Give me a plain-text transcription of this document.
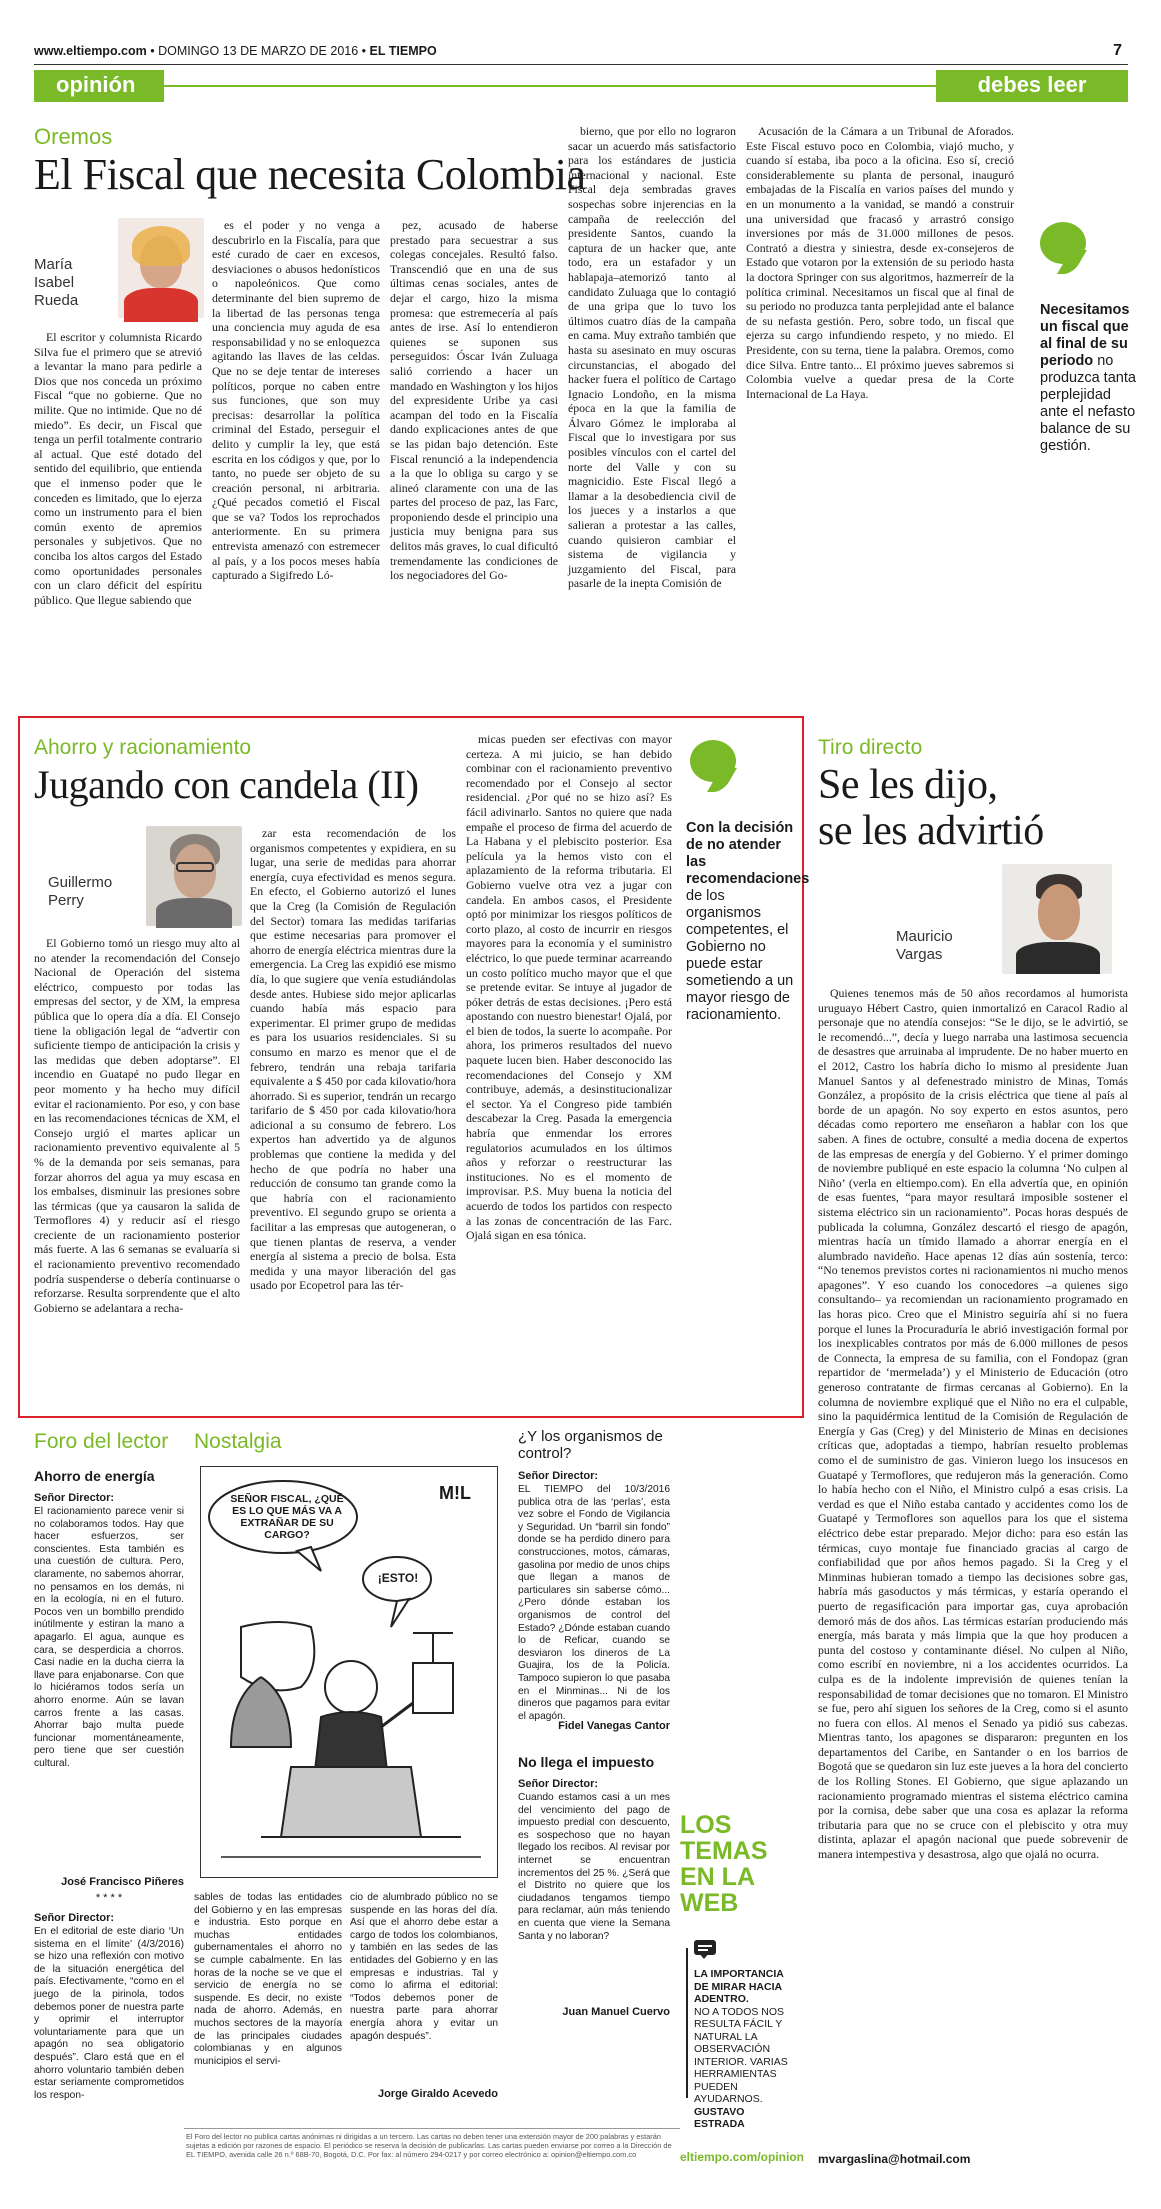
www.eltiempo.com • DOMINGO 13 DE MARZO DE 2016 • EL TIEMPO	7
opinión	debes leer
Oremos
El Fiscal que necesita Colombia
María
Isabel
Rueda
El escritor y columnista Ricardo Silva fue el primero que se atrevió a levantar la mano para pedirle a Dios que nos conceda un próximo Fiscal “que no gobierne. Que no milite. Que no intimide. Que no dé miedo”. Es decir, un Fiscal que tenga un perfil totalmente contrario al actual. Que esté dotado del sentido del equilibrio, que entienda que el inmenso poder que le conceden es limitado, que lo ejerza como un instrumento para el bien común exento de apremios personales y subjetivos. Que no conciba los altos cargos del Estado como oportunidades personales con un claro déficit del espíritu público. Que llegue sabiendo que
es el poder y no venga a descubrirlo en la Fiscalía, para que esté curado de caer en excesos, desviaciones o abusos hedonísticos o napoleónicos. Que como determinante del bien supremo de la libertad de las personas tenga una conciencia muy aguda de esa responsabilidad y no se enloquezca agitando las llaves de las celdas. Que no se deje tentar de intereses políticos, porque no caben entre sus funciones, que son muy precisas: desarrollar la política criminal del Estado, perseguir el delito y cumplir la ley, que está escrita en los códigos y que, por lo tanto, no puede ser objeto de su creación personal, ni arbitraria. ¿Qué pecados cometió el Fiscal que se va? Todos los reprochados anteriormente. En su primera entrevista amenazó con estremecer al país, y a los pocos meses había capturado a Sigifredo Ló-
pez, acusado de haberse prestado para secuestrar a sus colegas concejales. Resultó falso. Transcendió que en una de sus últimas cenas sociales, antes de dejar el cargo, hizo la misma promesa: que estremecería al país antes de irse. Así lo entendieron quienes se suponen sus perseguidos: Óscar Iván Zuluaga salió corriendo a hacer un mandado en Washington y los hijos del expresidente Uribe ya casi acampan del todo en la Fiscalía dando explicaciones antes de que se las pidan bajo detención. Este Fiscal renunció a la independencia a la que lo obliga su cargo y se alineó claramente con una de las partes del proceso de paz, las Farc, proponiendo desde el principio una justicia muy benigna para sus delitos más graves, lo cual dificultó tremendamente las condiciones de los negociadores del Go-
bierno, que por ello no lograron sacar un acuerdo más satisfactorio para los estándares de justicia internacional y nacional. Este Fiscal deja sembradas graves sospechas sobre injerencias en la campaña de reelección del presidente Santos, cuando la captura de un hacker que, ante todo, era un estafador y un hablapaja–atemorizó tanto al candidato Zuluaga que lo contagió de una gripa que lo tuvo los últimos cuatro días de la campaña en cama. Muy extraño también que hasta su asesinato en muy oscuras circunstancias, el abogado del hacker fuera el político de Cartago Ignacio Londoño, en la misma época en la que la familia de Álvaro Gómez le imploraba al Fiscal que lo investigara por sus posibles vínculos con el cartel del norte del Valle y con su magnicidio. Este Fiscal llegó a llamar a la desobediencia civil de los jueces y a instarlos a que salieran a protestar a las calles, cuando quisieron cambiar el sistema de vigilancia y juzgamiento del Fiscal, para pasarle de la inepta Comisión de
Acusación de la Cámara a un Tribunal de Aforados. Este Fiscal estuvo poco en Colombia, viajó mucho, y cuando sí estaba, iba poco a la oficina. Eso sí, creció considerablemente su planta de personal, inauguró embajadas de la Fiscalía en varios países del mundo y en un monumento a la vanidad, se mandó a construir una universidad que fracasó y arrastró consigo inversiones por más de 31.000 millones de pesos. Contrató a diestra y siniestra, desde ex-consejeros de Estado que votaron por la extensión de su periodo hasta la doctora Springer con sus algoritmos, hazmerreír de la política criminal. Necesitamos un fiscal que al final de su periodo no produzca tanta perplejidad ante el balance de su nefasta gestión. Pero, sobre todo, un fiscal que ejerza su cargo infundiendo respeto, y no miedo. El Presidente, con su terna, tiene la palabra. Oremos, como dice Silva. Entre tanto... El próximo jueves sabremos si Colombia vuelve a quedar presa de la Corte Internacional de La Haya.
Necesitamos un fiscal que al final de su periodo no produzca tanta perplejidad ante el nefasto balance de su gestión.
Ahorro y racionamiento
Jugando con candela (II)
Guillermo
Perry
El Gobierno tomó un riesgo muy alto al no atender la recomendación del Consejo Nacional de Operación del sistema eléctrico, compuesto por todas las empresas del sector, y de XM, la empresa pública que lo opera día a día. El Consejo tiene la obligación legal de “advertir con suficiente tiempo de anticipación la crisis y las medidas que deben adoptarse”. El incendio en Guatapé no pudo llegar en peor momento y ha hecho muy difícil evitar el racionamiento. Por eso, y con base en las recomendaciones técnicas de XM, el Consejo urgió el martes aplicar un racionamiento preventivo equivalente al 5 % de la demanda por seis semanas, para forzar ahorros del agua ya muy escasa en los embalses, disminuir las presiones sobre las térmicas (que ya causaron la salida de Termoflores 4) y reducir así el riesgo creciente de un racionamiento posterior más fuerte. A las 6 semanas se evaluaría si el racionamiento preventivo recomendado podría suspenderse o debería continuarse o reforzarse. Resulta sorprendente que el alto Gobierno se adelantara a recha-
zar esta recomendación de los organismos competentes y expidiera, en su lugar, una serie de medidas para ahorrar energía, cuya efectividad es menos segura. En efecto, el Gobierno autorizó el lunes que la Creg (la Comisión de Regulación del Sector) tomara las medidas tarifarias que estime necesarias para promover el ahorro de energía eléctrica mientras dure la emergencia. La Creg las expidió ese mismo día, lo que sugiere que venía estudiándolas desde antes. Hubiese sido mejor aplicarlas cuando había más espacio para experimentar. El primer grupo de medidas es para los usuarios residenciales. Si su consumo en marzo es menor que el de febrero, tendrán una rebaja tarifaria equivalente a $ 450 por cada kilovatio/hora ahorrado. Si es superior, tendrán un recargo tarifario de $ 450 por cada kilovatio/hora adicional a su consumo de febrero. Los expertos han advertido ya de algunos problemas que contiene la medida y del hecho de que podría no haber una reducción de consumo tan grande como la que habría con el racionamiento preventivo. El segundo grupo se orienta a facilitar a las empresas que autogeneran, o que tienen plantas de reserva, a vender energía al sistema a precio de bolsa. Esta medida y una mayor liberación del gas usado por Ecopetrol para las tér-
micas pueden ser efectivas con mayor certeza. A mi juicio, se han debido combinar con el racionamiento preventivo recomendado por el Consejo al sector residencial. ¿Por qué no se hizo así? Es fácil adivinarlo. Santos no quiere que nada empañe el proceso de firma del acuerdo de La Habana y el plebiscito posterior. Esa película ya la hemos visto con el aplazamiento de la reforma tributaria. El Gobierno vuelve otra vez a jugar con candela. En ambos casos, el Presidente optó por minimizar los riesgos políticos de corto plazo, al costo de incurrir en riesgos mayores para la economía y el suministro eléctrico, lo que puede terminar acarreando un costo político mucho mayor que el que se pretende evitar. Se intuye al jugador de póker detrás de estas decisiones. ¡Pero está apostando con nuestro bienestar! Ojalá, por el bien de todos, la suerte lo acompañe. Por ahora, los primeros resultados del nuevo paquete lucen bien. Haber desconocido las recomendaciones del Consejo y XM contribuye, además, a desinstitucionalizar el sector. Ya el Congreso pide también descabezar la Creg. Pasada la emergencia habría que enmendar los errores regulatorios acumulados en los últimos años y reforzar o reestructurar las instituciones. No es el momento de improvisar. P.S. Muy buena la noticia del acuerdo de todos los partidos con respecto a las zonas de concentración de las Farc. Ojalá sigan en esa tónica.
Con la decisión de no atender las recomendaciones de los organismos competentes, el Gobierno no puede estar sometiendo a un mayor riesgo de racionamiento.
Tiro directo
Se les dijo,
se les advirtió
Mauricio
Vargas
Quienes tenemos más de 50 años recordamos al humorista uruguayo Hébert Castro, quien inmortalizó en Caracol Radio al personaje que no atendía consejos: “Se le dijo, se le advirtió, se le recomendó...”, decía y luego narraba una lastimosa secuencia de desastres que arruinaba al imprudente. De no haber muerto en el 2012, Castro los habría dicho lo mismo al presidente Juan Manuel Santos y al defenestrado ministro de Minas, Tomás González, a propósito de la crisis eléctrica que tiene al país al borde de un apagón. No soy experto en estos asuntos, pero décadas como reportero me enseñaron a hablar con los que saben. A fines de octubre, consulté a media docena de expertos de las empresas de energía y del Gobierno. Y el primer domingo de noviembre publiqué en este espacio la columna ‘No culpen al Niño’ (verla en eltiempo.com). En ella advertía que, en opinión de esas fuentes, “para mayor resultará imposible sostener el sistema eléctrico sin un racionamiento”. Pocas horas después de publicada la columna, González descartó el riesgo de apagón, mientras hacía un tímido llamado a ahorrar energía en el alumbrado navideño. Hace apenas 12 días aún sostenía, terco: “No tenemos previstos cortes ni racionamientos ni mucho menos apagones”. Y eso cuando los conocedores –a quienes sigo consultando– ya recomiendan un racionamiento programado en las horas pico. Creo que el Ministro seguiría ahí si no fuera porque el lunes la Procuraduría le abrió investigación formal por los inexplicables contratos por más de 6.000 millones de pesos de Connecta, la empresa de su familia, con el Fondopaz (gran repartidor de ‘mermelada’) y el Ministerio de Educación (otro generoso contratante de firmas cercanas al Gobierno). En la columna de noviembre expliqué que el Niño no era el culpable, sino la paquidérmica lentitud de la Comisión de Regulación de Energía y Gas (Creg) y del Ministerio de Minas en decisiones críticas que, adoptadas a tiempo, habrían resuelto problemas como el de suministro de gas. Vinieron luego los insucesos en Guatapé y Termoflores, que redujeron más la generación. Como lo había hecho con el Niño, el Ministro culpó a esas crisis. La verdad es que el Niño estaba cantado y accidentes como los de Guatapé y Termoflores son aquellos para los que el sistema eléctrico debe estar preparado. Mejor dicho: para eso están las térmicas, cuyo montaje fue financiado gracias al cargo de confiabilidad que por años hemos pagado. Si la Creg y el Minminas hubieran tomado a tiempo las decisiones sobre gas, habría más gasoductos y más térmicas, y estaría operando el puerto de regasificación para importar gas, cuya aprobación demoró más de dos años. Las térmicas estarían produciendo más energía, más barata y más limpia que la que hoy producen a punta del costoso y contaminante diésel. No culpen al Niño, como escribí en noviembre, ni a los accidentes ocurridos. La culpa es de la indolente imprevisión de quienes tenían la responsabilidad de tomar decisiones que no tomaron. El Ministro se fue, pero ahí siguen los señores de la Creg, como si el asunto no fuera con ellos. Al menos el Senado ya pidió sus cabezas. Mientras tanto, los apagones se dispararon: pregunten en los departamentos del Caribe, en Santander o en los barrios de Bogotá que se quedaron sin luz este jueves a la hora del concierto de los Rolling Stones. El Gobierno, que sigue aplazando un racionamiento programado mientras el sistema eléctrico camina por la cornisa, debe saber que una cosa es aplazar la reforma tributaria para que no se cruce con el plebiscito y otra muy distinta, aplazar el apagón nacional que puede sobrevenir de manera intempestiva y desastrosa, algo que ojalá no ocurra.
mvargaslina@hotmail.com
Foro del lector
Ahorro de energía
Señor Director:
El racionamiento parece venir si no colaboramos todos. Hay que hacer esfuerzos, ser conscientes. Esta también es una cuestión de cultura. Pero, claramente, no sabemos ahorrar, no pensamos en los demás, ni en la ecología, ni en el futuro. Pocos ven un bombillo prendido inútilmente y estiran la mano a apagarlo. El agua, aunque es cara, se desperdicia a chorros. Casi nadie en la ducha cierra la llave para enjabonarse. Con que lo hiciéramos todos sería un ahorro enorme. Aún se lavan carros frente a las casas. Ahorrar bajo multa puede funcionar momentáneamente, pero tiene que ser cuestión cultural.
José Francisco Piñeres
* * * *
Señor Director:
En el editorial de este diario ‘Un sistema en el límite’ (4/3/2016) se hizo una reflexión con motivo de la situación energética del país. Efectivamente, “como en el juego de la pirinola, todos debemos poner de nuestra parte y oprimir el interruptor voluntariamente para que un apagón no sea obligatorio después”. Claro está que en el ahorro voluntario también deben estar seriamente comprometidos los respon-
Nostalgia
SEÑOR FISCAL, ¿QUÉ ES LO QUE MÁS VA A EXTRAÑAR DE SU CARGO?
¡ESTO!
M!L
sables de todas las entidades del Gobierno y en las empresas e industria. Esto porque en muchas entidades gubernamentales el ahorro no se cumple cabalmente. En las horas de la noche se ve que el servicio de energía no se suspende. Es decir, no existe nada de ahorro. Además, en muchos sectores de la mayoría de las principales ciudades colombianas y en algunos municipios el servi-
cio de alumbrado público no se suspende en las horas del día. Así que el ahorro debe estar a cargo de todos los colombianos, y también en las sedes de las entidades del Gobierno y en las empresas e industrias. Tal y como lo afirma el editorial: “Todos debemos poner de nuestra parte para ahorrar energía ahora y evitar un apagón después”.
Jorge Giraldo Acevedo
¿Y los organismos de control?
Señor Director:
EL TIEMPO del 10/3/2016 publica otra de las ‘perlas’, esta vez sobre el Fondo de Vigilancia y Seguridad. Un “barril sin fondo” donde se ha perdido dinero para construcciones, motos, cámaras, gasolina por medio de unos chips que llegan a manos de particulares sin saberse cómo... ¿Pero dónde estaban los organismos de control del Estado? ¿Dónde estaban cuando lo de Reficar, cuando se desviaron los dineros de La Guajira, los de la Policía. Tampoco supieron lo que pasaba en el Minminas... Ni de los dineros que pagamos para evitar el apagón.
Fidel Vanegas Cantor
No llega el impuesto
Señor Director:
Cuando estamos casi a un mes del vencimiento del pago de impuesto predial con descuento, es sospechoso que no hayan llegado los recibos. Al revisar por internet se encuentran incrementos del 25 %. ¿Será que el Distrito no quiere que los ciudadanos tengamos tiempo para reclamar, aún más teniendo en cuenta que viene la Semana Santa y no laboran?
Juan Manuel Cuervo
LOS
TEMAS
EN LA
WEB
LA IMPORTANCIA DE MIRAR HACIA ADENTRO.
NO A TODOS NOS RESULTA FÁCIL Y NATURAL LA OBSERVACIÓN INTERIOR. VARIAS HERRAMIENTAS PUEDEN AYUDARNOS.
GUSTAVO ESTRADA
eltiempo.com/opinion
El Foro del lector no publica cartas anónimas ni dirigidas a un tercero. Las cartas no deben tener una extensión mayor de 200 palabras y estarán sujetas a edición por razones de espacio. El periódico se reserva la decisión de publicarlas. Las cartas pueden enviarse por correo a la Dirección de EL TIEMPO, avenida calle 26 n.º 68B-70, Bogotá, D.C. Por fax: al número 294-0217 y por correo electrónico a: opinion@eltiempo.com.co
